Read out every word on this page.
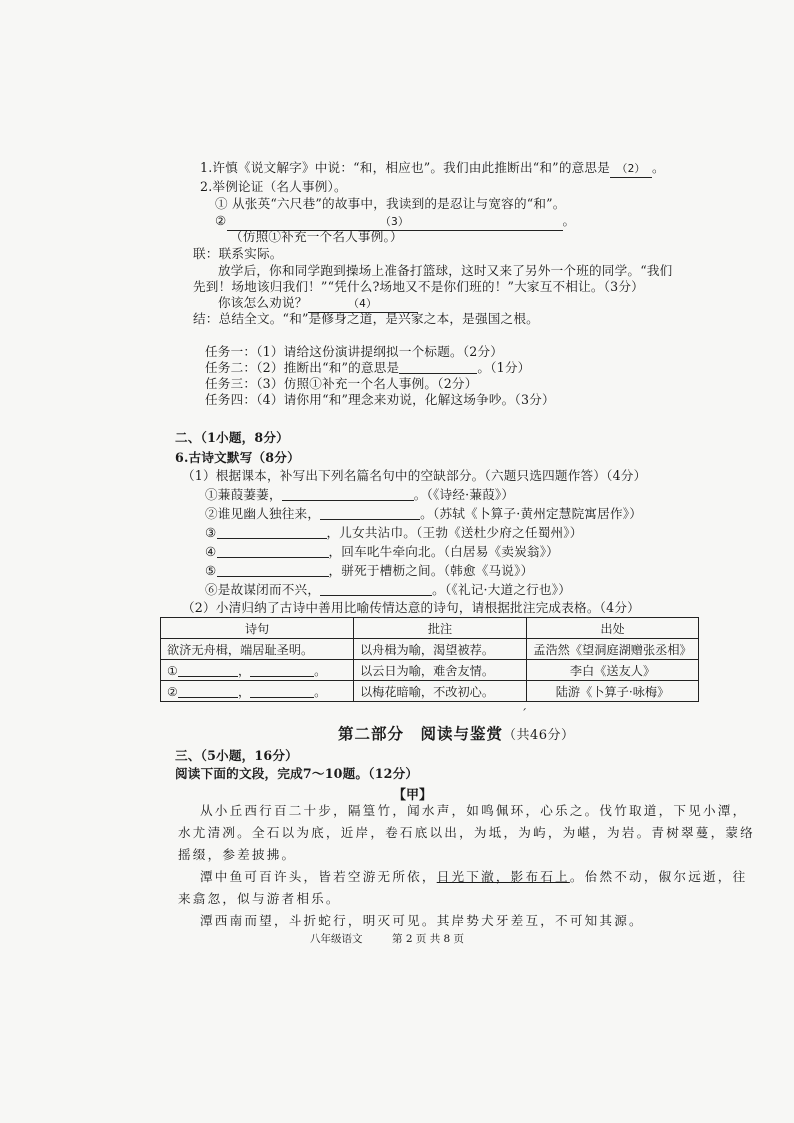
1.许慎《说文解字》中说：“和，相应也”。我们由此推断出“和”的意思是 （2） 。
2.举例论证（名人事例）。
① 从张英“六尺巷”的故事中，我读到的是忍让与宽容的“和”。
②	（3）	。
（仿照①补充一个名人事例。）
联：联系实际。
放学后，你和同学跑到操场上准备打篮球，这时又来了另外一个班的同学。“我们
先到！场地该归我们！”“凭什么?场地又不是你们班的！”大家互不相让。（3分）
你该怎么劝说？	（4）
结：总结全文。“和”是修身之道，是兴家之本，是强国之根。
任务一：（1）请给这份演讲提纲拟一个标题。（2分）
任务二：（2）推断出“和”的意思是	。（1分）
任务三：（3）仿照①补充一个名人事例。（2分）
任务四：（4）请你用“和”理念来劝说，化解这场争吵。（3分）
二、（1小题，8分）
6.古诗文默写（8分）
（1）根据课本，补写出下列名篇名句中的空缺部分。（六题只选四题作答）（4分）
①蒹葭萋萋，	。（《诗经·蒹葭》）
②谁见幽人独往来，	。（苏轼《卜算子·黄州定慧院寓居作》）
③	，儿女共沾巾。（王勃《送杜少府之任蜀州》）
④	，回车叱牛牵向北。（白居易《卖炭翁》）
⑤	，骈死于槽枥之间。（韩愈《马说》）
⑥是故谋闭而不兴，	。（《礼记·大道之行也》）
（2）小清归纳了古诗中善用比喻传情达意的诗句，请根据批注完成表格。（4分）
诗句	批注	出处
欲济无舟楫，端居耻圣明。	以舟楫为喻，渴望被荐。	孟浩然《望洞庭湖赠张丞相》
① ， 。	以云日为喻，难舍友情。	李白《送友人》
② ， 。	以梅花暗喻，不改初心。	陆游《卜算子·咏梅》
ˊ
第二部分　阅读与鉴赏（共46分）
三、（5小题，16分）
阅读下面的文段，完成7～10题。（12分）
【甲】
从小丘西行百二十步，隔篁竹，闻水声，如鸣佩环，心乐之。伐竹取道，下见小潭，
水尤清冽。全石以为底，近岸，卷石底以出，为坻，为屿，为嵁，为岩。青树翠蔓，蒙络
摇缀，参差披拂。
潭中鱼可百许头，皆若空游无所依，日光下澈，影布石上。佁然不动，俶尔远逝，往
来翕忽，似与游者相乐。
潭西南而望，斗折蛇行，明灭可见。其岸势犬牙差互，不可知其源。
八年级语文	第 2 页 共 8 页
